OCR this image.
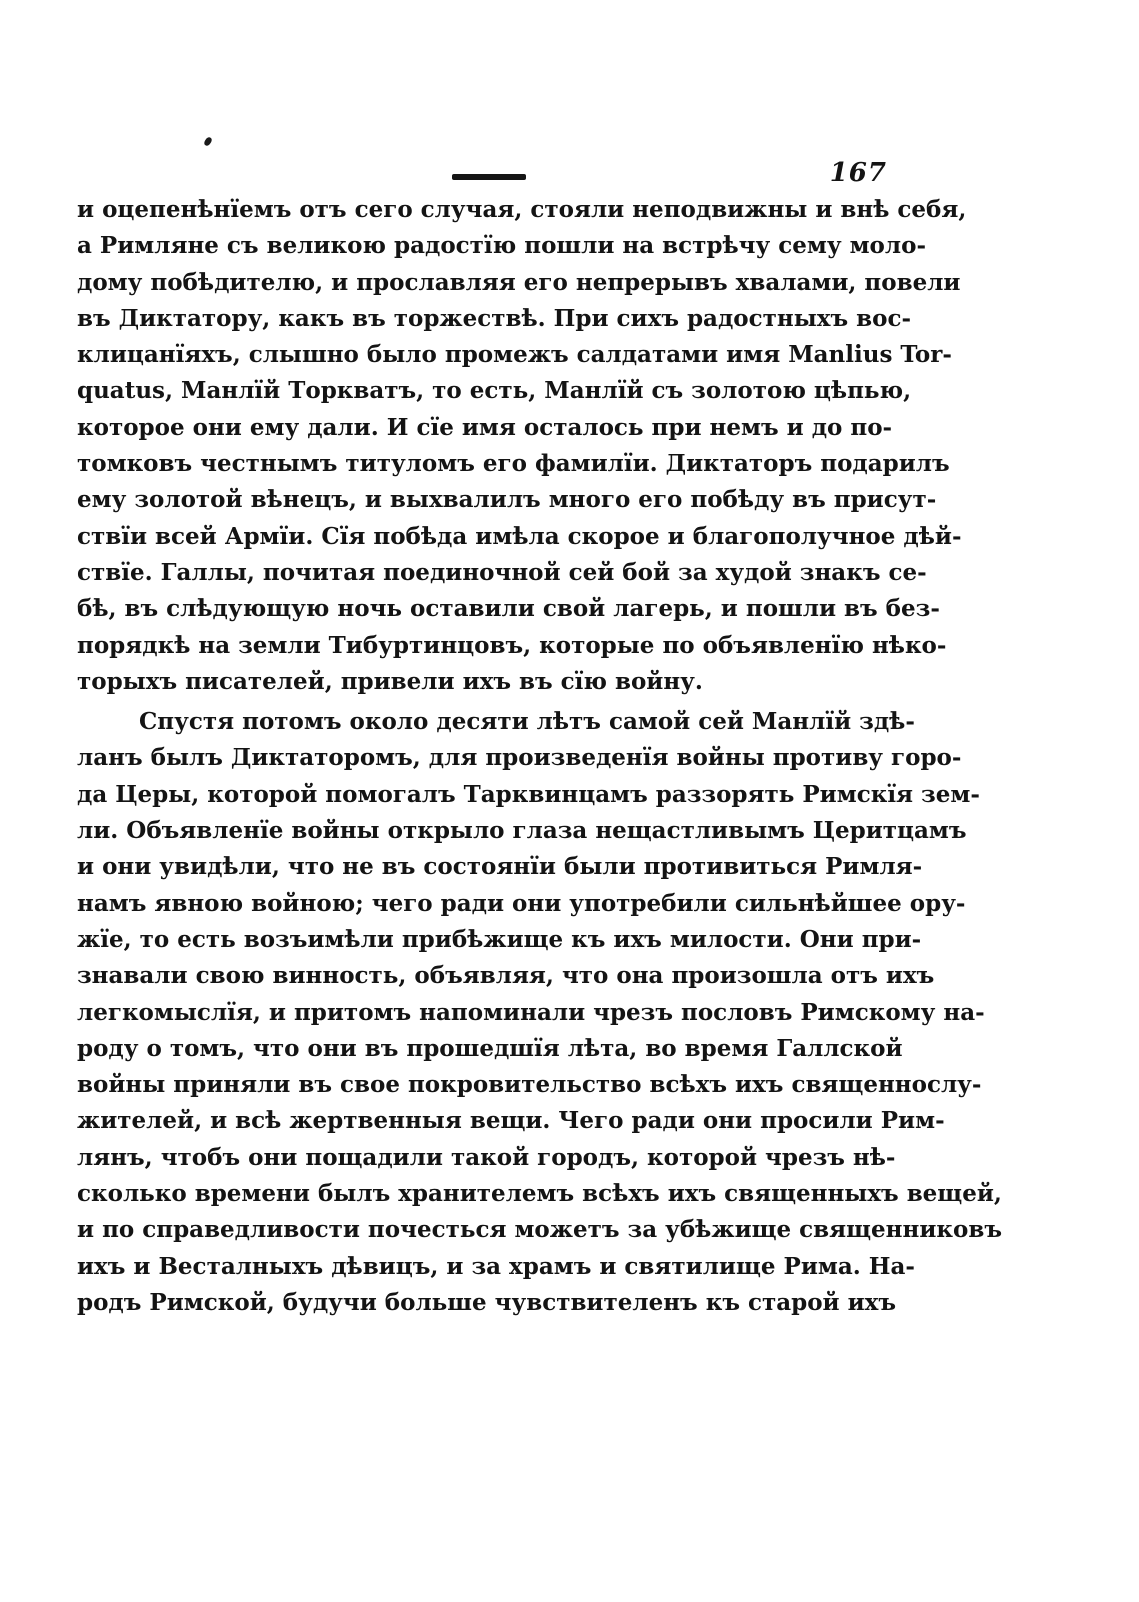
167
и оцепенѣнїемъ отъ сего случая, стояли неподвижны и внѣ себя,
а Римляне съ великою радостїю пошли на встрѣчу сему моло-
дому побѣдителю, и прославляя его непрерывъ хвалами, повели
въ Диктатору, какъ въ торжествѣ. При сихъ радостныхъ вос-
клицанїяхъ, слышно было промежъ салдатами имя Manlius Tor-
quatus, Манлїй Торкватъ, то есть, Манлїй съ золотою цѣпью,
которое они ему дали. И сїе имя осталось при немъ и до по-
томковъ честнымъ титуломъ его фамилїи. Диктаторъ подарилъ
ему золотой вѣнецъ, и выхвалилъ много его побѣду въ присут-
ствїи всей Армїи. Сїя побѣда имѣла скорое и благополучное дѣй-
ствїе. Галлы, почитая поединочной сей бой за худой знакъ се-
бѣ, въ слѣдующую ночь оставили свой лагерь, и пошли въ без-
порядкѣ на земли Тибуртинцовъ, которые по объявленїю нѣко-
торыхъ писателей, привели ихъ въ сїю войну.
Спустя потомъ около десяти лѣтъ самой сей Манлїй здѣ-
ланъ былъ Диктаторомъ, для произведенїя войны противу горо-
да Церы, которой помогалъ Тарквинцамъ раззорять Римскїя зем-
ли. Объявленїе войны открыло глаза нещастливымъ Церитцамъ
и они увидѣли, что не въ состоянїи были противиться Римля-
намъ явною войною; чего ради они употребили сильнѣйшее ору-
жїе, то есть возъимѣли прибѣжище къ ихъ милости. Они при-
знавали свою винность, объявляя, что она произошла отъ ихъ
легкомыслїя, и притомъ напоминали чрезъ пословъ Римскому на-
роду о томъ, что они въ прошедшїя лѣта, во время Галлской
войны приняли въ свое покровительство всѣхъ ихъ священнослу-
жителей, и всѣ жертвенныя вещи. Чего ради они просили Рим-
лянъ, чтобъ они пощадили такой городъ, которой чрезъ нѣ-
сколько времени былъ хранителемъ всѣхъ ихъ священныхъ вещей,
и по справедливости почесться можетъ за убѣжище священниковъ
ихъ и Весталныхъ дѣвицъ, и за храмъ и святилище Рима. На-
родъ Римской, будучи больше чувствителенъ къ старой ихъ
